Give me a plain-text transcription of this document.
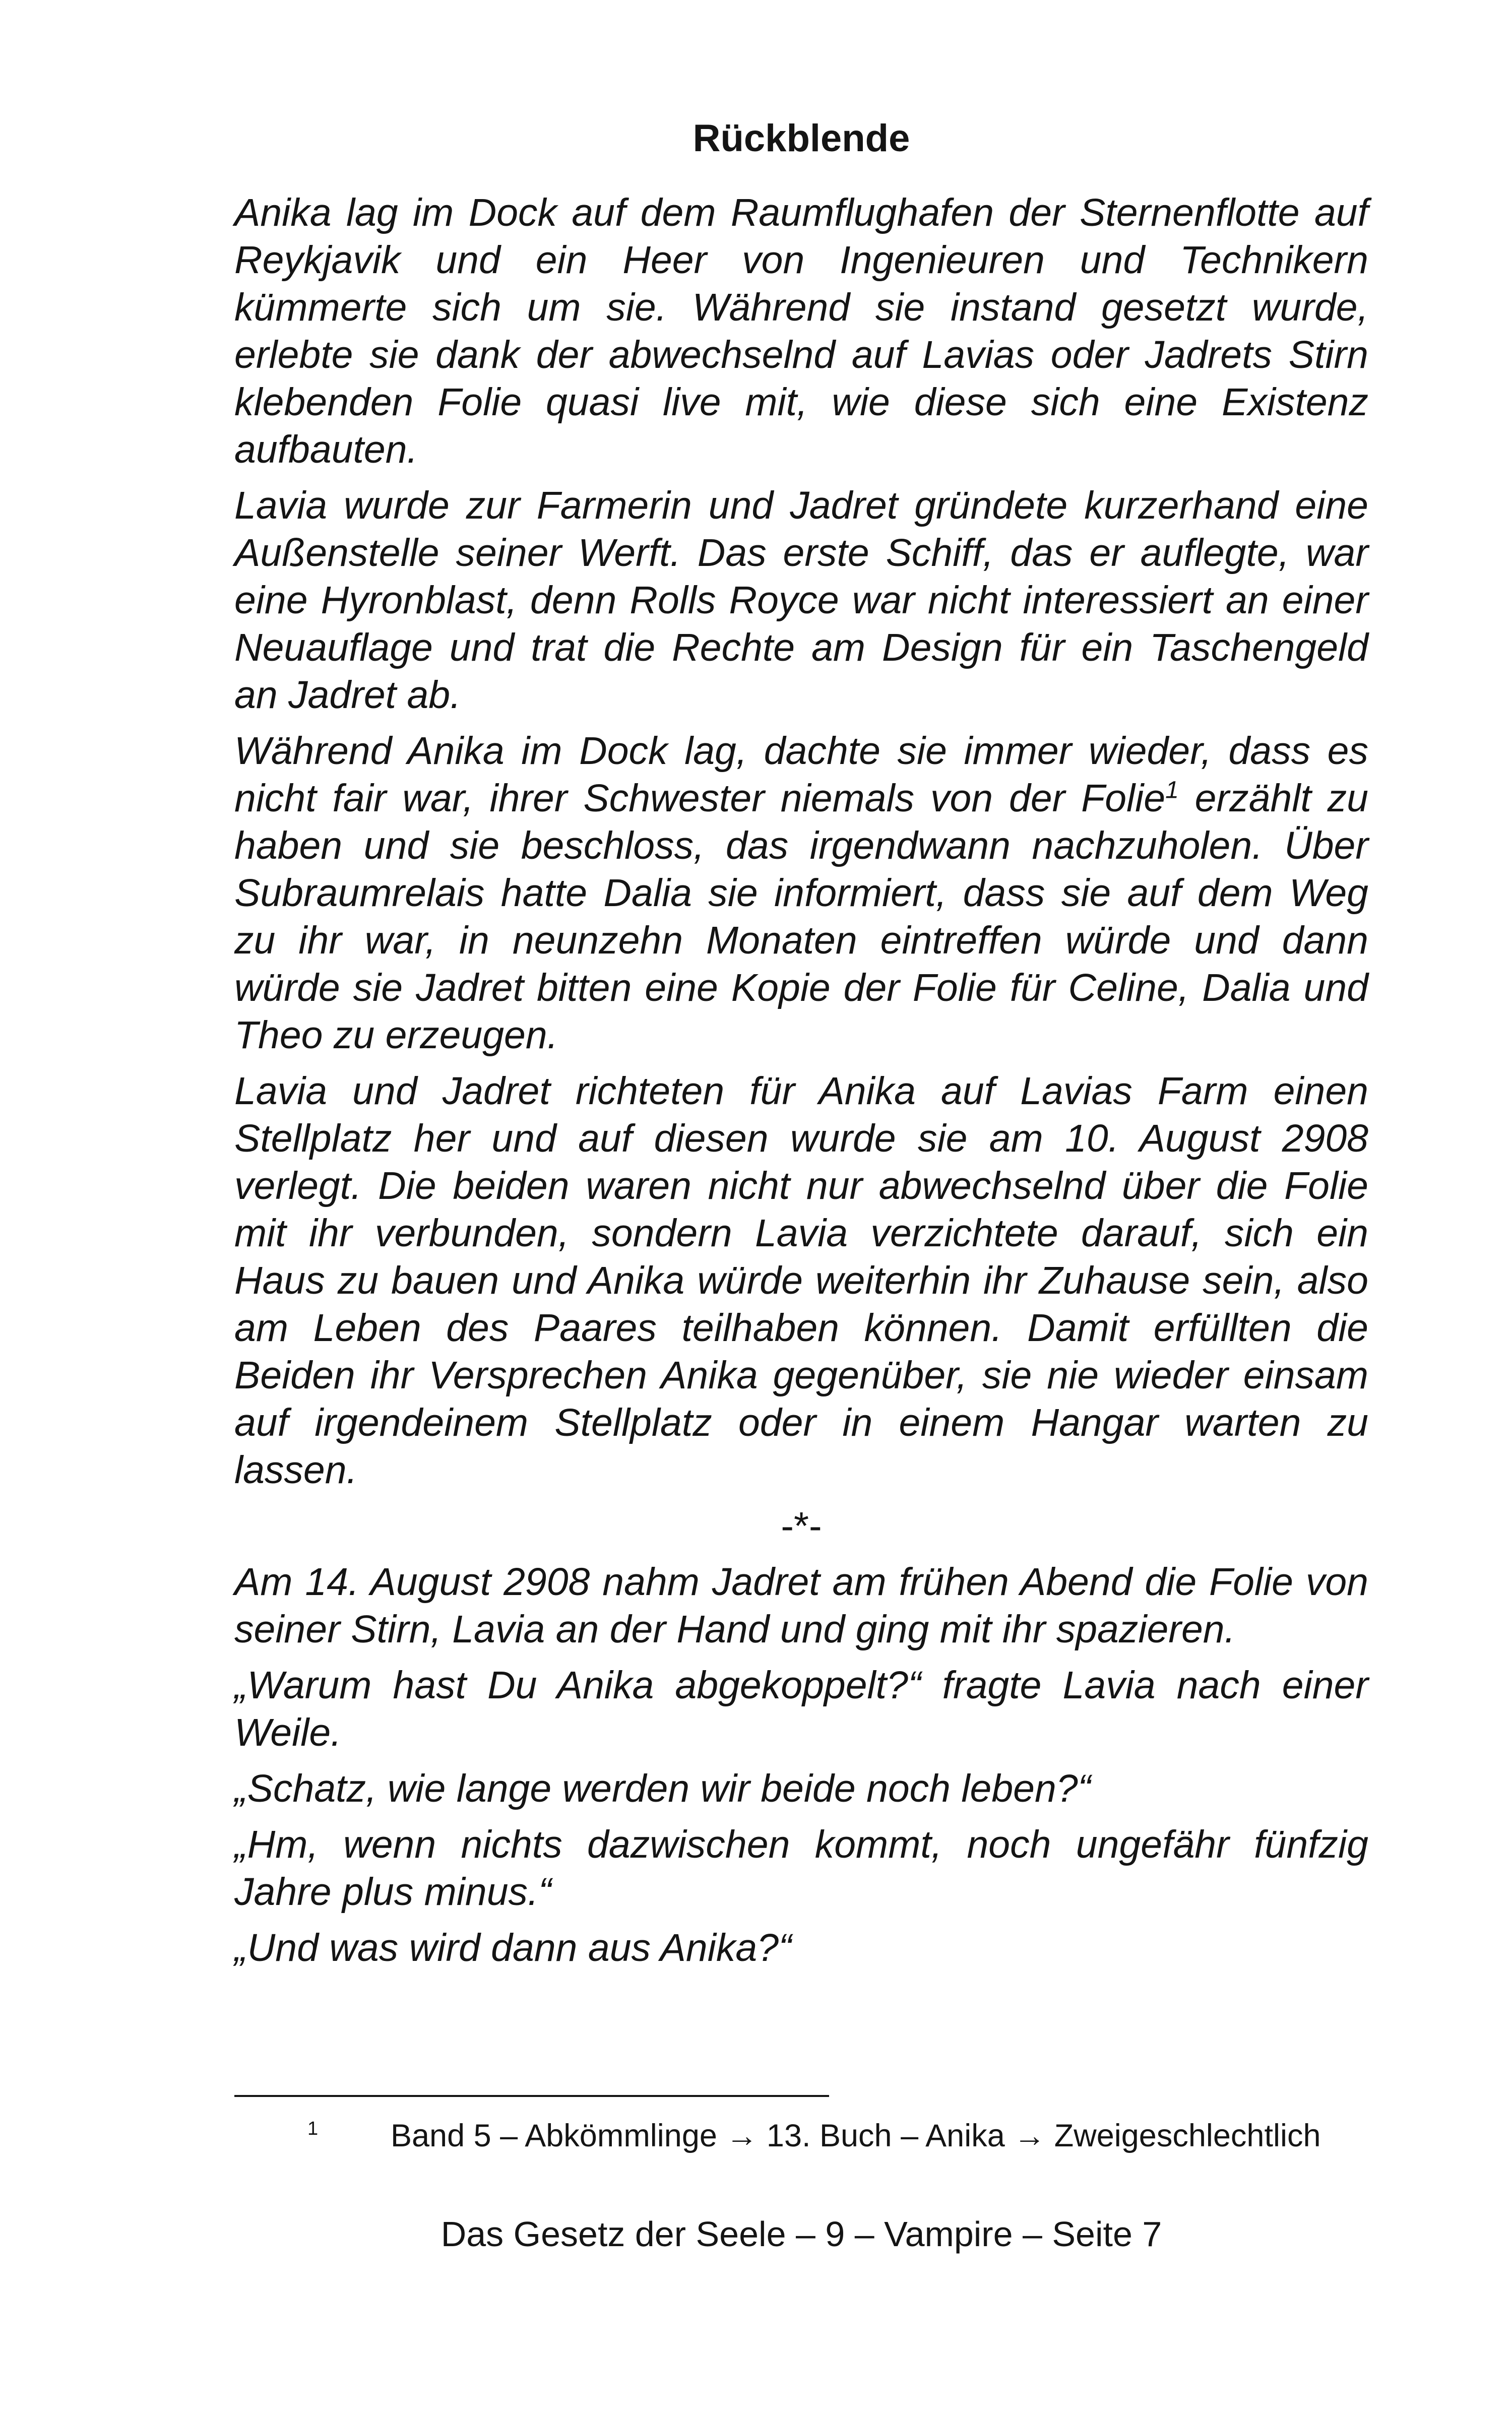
Rückblende

Anika lag im Dock auf dem Raumflughafen der Sternenflotte auf Reykjavik und ein Heer von Ingenieuren und Technikern kümmerte sich um sie. Während sie instand gesetzt wurde, erlebte sie dank der abwechselnd auf Lavias oder Jadrets Stirn klebenden Folie quasi live mit, wie diese sich eine Existenz aufbauten.

Lavia wurde zur Farmerin und Jadret gründete kurzerhand eine Außenstelle seiner Werft. Das erste Schiff, das er auflegte, war eine Hyronblast, denn Rolls Royce war nicht interessiert an einer Neuauflage und trat die Rechte am Design für ein Taschengeld an Jadret ab.

Während Anika im Dock lag, dachte sie immer wieder, dass es nicht fair war, ihrer Schwester niemals von der Folie$^1$ erzählt zu haben und sie beschloss, das irgendwann nachzuholen. Über Subraumrelais hatte Dalia sie informiert, dass sie auf dem Weg zu ihr war, in neunzehn Monaten eintreffen würde und dann würde sie Jadret bitten eine Kopie der Folie für Celine, Dalia und Theo zu erzeugen.

Lavia und Jadret richteten für Anika auf Lavias Farm einen Stellplatz her und auf diesen wurde sie am 10. August 2908 verlegt. Die beiden waren nicht nur abwechselnd über die Folie mit ihr verbunden, sondern Lavia verzichtete darauf, sich ein Haus zu bauen und Anika würde weiterhin ihr Zuhause sein, also am Leben des Paares teilhaben können. Damit erfüllten die Beiden ihr Versprechen Anika gegenüber, sie nie wieder einsam auf irgendeinem Stellplatz oder in einem Hangar warten zu lassen.

-*-

Am 14. August 2908 nahm Jadret am frühen Abend die Folie von seiner Stirn, Lavia an der Hand und ging mit ihr spazieren.

„Warum hast Du Anika abgekoppelt?“ fragte Lavia nach einer Weile.

„Schatz, wie lange werden wir beide noch leben?“

„Hm, wenn nichts dazwischen kommt, noch ungefähr fünfzig Jahre plus minus.“

„Und was wird dann aus Anika?“

1 Band 5 – Abkömmlinge → 13. Buch – Anika → Zweigeschlechtlich
Das Gesetz der Seele – 9 – Vampire – Seite 7
